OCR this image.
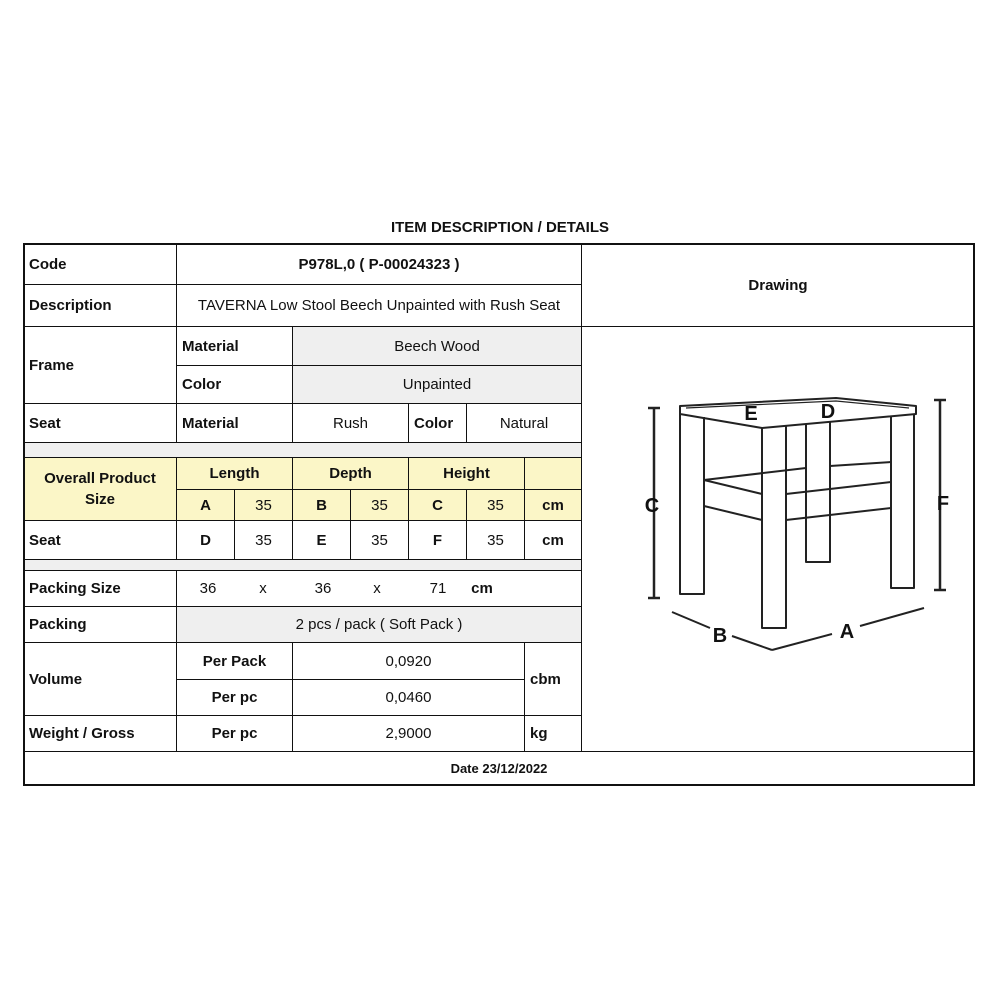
ITEM DESCRIPTION / DETAILS
Code	P978L,0 ( P-00024323 )
Drawing
Description	TAVERNA Low Stool Beech Unpainted with Rush Seat
Frame
Material	Beech Wood
Color	Unpainted
Seat	Material	Rush	Color	Natural
Overall Product Size
Length	Depth	Height
A	35	B	35	C	35	cm
Seat	D	35	E	35	F	35	cm
Packing Size	36	x	36	x	71	cm
Packing	2 pcs / pack ( Soft Pack )
Volume
Per Pack	0,0920
Per pc	0,0460
cbm
Weight / Gross	Per pc	2,9000	kg
Date 23/12/2022
E	D
C	F
B	A
